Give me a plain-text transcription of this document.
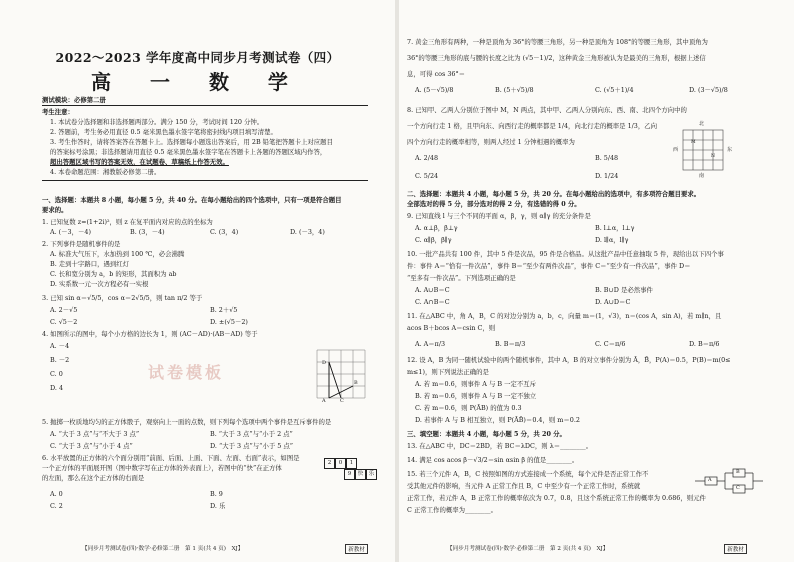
2022～2023 学年度高中同步月考测试卷（四）
高 一 数 学
测试模块：必修第二册
考生注意：
1. 本试卷分选择题和非选择题两部分。满分 150 分，考试时间 120 分钟。
2. 答题前，考生务必用直径 0.5 毫米黑色墨水签字笔将密封线内项目填写清楚。
3. 考生作答时，请将答案答在答题卡上。选择题每小题选出答案后，用 2B 铅笔把答题卡上对应题目
的答案标号涂黑；非选择题请用直径 0.5 毫米黑色墨水签字笔在答题卡上各题的答题区域内作答，
超出答题区域书写的答案无效，在试题卷、草稿纸上作答无效。
4. 本卷命题范围：湘教版必修第二册。
一、选择题：本题共 8 小题，每小题 5 分，共 40 分。在每小题给出的四个选项中，只有一项是符合题目
要求的。
1. 已知复数 z=(1+2i)²，则 z 在复平面内对应的点的坐标为
A. (－3，－4)	B. (3，－4)	C. (3，4)	D. (－3，4)
2. 下列事件是随机事件的是
A. 标准大气压下，水加热到 100 ℃，必会沸腾
B. 走到十字路口，遇到红灯
C. 长和宽分别为 a，b 的矩形，其面积为 ab
D. 实系数一元一次方程必有一实根
3. 已知 sin α＝√5/5，cos α＝2√5/5，则 tan π/2 等于
A. 2－√5	B. 2＋√5
C. √5－2	D. ±(√5－2)
4. 如图所示的图中，每个小方格的边长为 1，则 (AC－AD)·(AB－AD) 等于
A. －4
B. －2
C. 0
D. 4
D
B
A	C
试卷模板
5. 抛掷一枚质地均匀的正方体骰子，观察向上一面的点数，则下列每个选项中两个事件是互斥事件的是
A. “大于 3 点”与“不大于 3 点”	B. “大于 3 点”与“小于 2 点”
C. “大于 3 点”与“小于 4 点”	D. “大于 3 点”与“小于 5 点”
6. 水平放置的正方体的六个面分别用“前面、后面、上面、下面、左面、右面”表示，如图是
一个正方体的平面展开图（图中数字写在正方体的外表面上），若图中的“快”在正方体
的左面，那么在这个正方体的右面是
2	0	1
9	快 乐
A. 0	B. 9
C. 2	D. 乐
【同步月考测试卷(四)·数学·必修第二册　第 1 页(共 4 页)　XJ】	新教材
7. 黄金三角形有两种，一种是顶角为 36°的等腰三角形，另一种是顶角为 108°的等腰三角形，其中顶角为
36°的等腰三角形的底与腰的长度之比为 (√5－1)/2，这种黄金三角形被认为是最美的三角形，根据上述信
息，可得 cos 36°＝
A. (5－√5)/8	B. (5＋√5)/8	C. (√5＋1)/4	D. (3－√5)/8
8. 已知甲、乙两人分别位于图中 M，N 两点，其中甲、乙两人分别向东、西、南、北四个方向中的
一个方向行走 1 格，且甲向东、向西行走的概率都是 1/4，向北行走的概率是 1/3，乙向
四个方向行走的概率相等，则两人经过 1 分钟相遇的概率为
A. 2/48	B. 5/48
C. 5/24	D. 1/24
北
西	东
南
M
N
二、选择题：本题共 4 小题，每小题 5 分，共 20 分。在每小题给出的选项中，有多项符合题目要求。
全部选对的得 5 分，部分选对的得 2 分，有选错的得 0 分。
9. 已知直线 l 与三个不同的平面 α，β，γ，则 α∥γ 的充分条件是
A. α⊥β，β⊥γ	B. l⊥α，l⊥γ
C. α∥β，β∥γ	D. l∥α，l∥γ
10. 一批产品共有 100 件，其中 5 件是次品，95 件是合格品。从这批产品中任意抽取 5 件，现给出以下四个事
件：事件 A＝“恰有一件次品”，事件 B＝“至少有两件次品”，事件 C＝“至少有一件次品”，事件 D＝
“至多有一件次品”。下列选项正确的是
A. A∪B＝C	B. B∪D 是必然事件
C. A∩B＝C	D. A∪D＝C
11. 在△ABC 中，角 A，B，C 的对边分别为 a，b，c，向量 m＝(1，√3)，n＝(cos A，sin A)，若 m∥n，且
acos B＋bcos A＝csin C，则
A. A＝π/3	B. B＝π/3	C. C＝π/6	D. B＝π/6
12. 设 A，B 为同一随机试验中的两个随机事件，其中 A，B 的对立事件分别为 Ā，B̄，P(A)＝0.5，P(B)＝m(0≤
m≤1)，则下列说法正确的是
A. 若 m＝0.6，则事件 A 与 B 一定不互斥
B. 若 m＝0.6，则事件 A 与 B 一定不独立
C. 若 m＝0.6，则 P(ĀB) 的值为 0.3
D. 若事件 A 与 B 相互独立，则 P(ĀB̄)＝0.4，则 m＝0.2
三、填空题：本题共 4 小题，每小题 5 分，共 20 分。
13. 在△ABC 中，DC＝2BD，若 BC＝λDC，则 λ＝________。
14. 满足 cos acos β－√3/2＝sin αsin β 的值是________。
15. 若三个元件 A，B，C 按照如图的方式连接成一个系统，每个元件是否正常工作不
受其他元件的影响，当元件 A 正常工作且 B，C 中至少有一个正常工作时，系统就
正常工作，若元件 A，B 正常工作的概率依次为 0.7，0.8，且这个系统正常工作的概率为 0.686，则元件
C 正常工作的概率为________。
A
B
C
【同步月考测试卷(四)·数学·必修第二册　第 2 页(共 4 页)　XJ】	新教材
